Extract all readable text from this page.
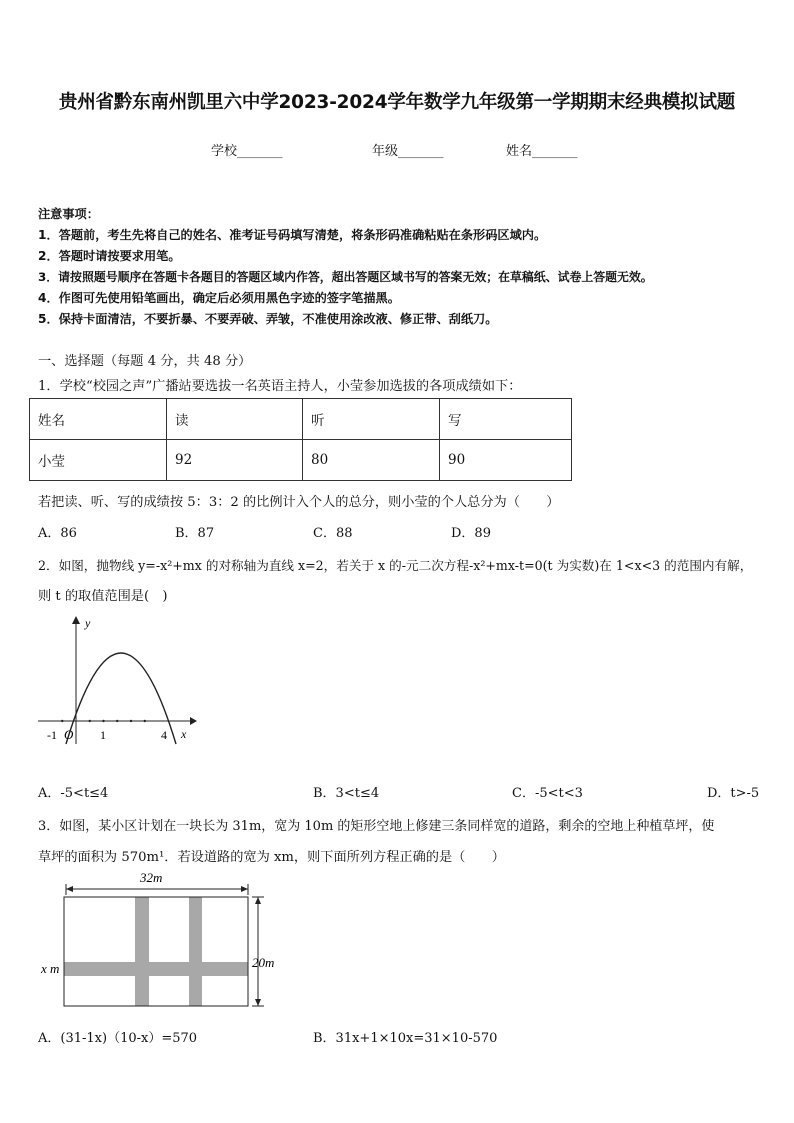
贵州省黔东南州凯里六中学2023-2024学年数学九年级第一学期期末经典模拟试题
学校_______	年级_______	姓名_______
注意事项：
1．答题前，考生先将自己的姓名、准考证号码填写清楚，将条形码准确粘贴在条形码区域内。
2．答题时请按要求用笔。
3．请按照题号顺序在答题卡各题目的答题区域内作答，超出答题区域书写的答案无效；在草稿纸、试卷上答题无效。
4．作图可先使用铅笔画出，确定后必须用黑色字迹的签字笔描黑。
5．保持卡面清洁，不要折暴、不要弄破、弄皱，不准使用涂改液、修正带、刮纸刀。
一、选择题（每题 4 分，共 48 分）
1．学校“校园之声”广播站要选拔一名英语主持人，小莹参加选拔的各项成绩如下：
姓名	读	听	写
小莹	92	80	90
若把读、听、写的成绩按 5：3：2 的比例计入个人的总分，则小莹的个人总分为（　　）
A．86	B．87	C．88	D．89
2．如图，抛物线 y=-x²+mx 的对称轴为直线 x=2，若关于 x 的-元二次方程-x²+mx-t=0(t 为实数)在 1<x<3 的范围内有解，
则 t 的取值范围是(　)
y
x
-1 O 1	4
A．-5<t≤4	B．3<t≤4	C．-5<t<3	D．t>-5
3．如图，某小区计划在一块长为 31m，宽为 10m 的矩形空地上修建三条同样宽的道路，剩余的空地上种植草坪，使
草坪的面积为 570m¹．若设道路的宽为 xm，则下面所列方程正确的是（　　）
32m
20m
x m
A．(31-1x)（10-x）=570	B．31x+1×10x=31×10-570
